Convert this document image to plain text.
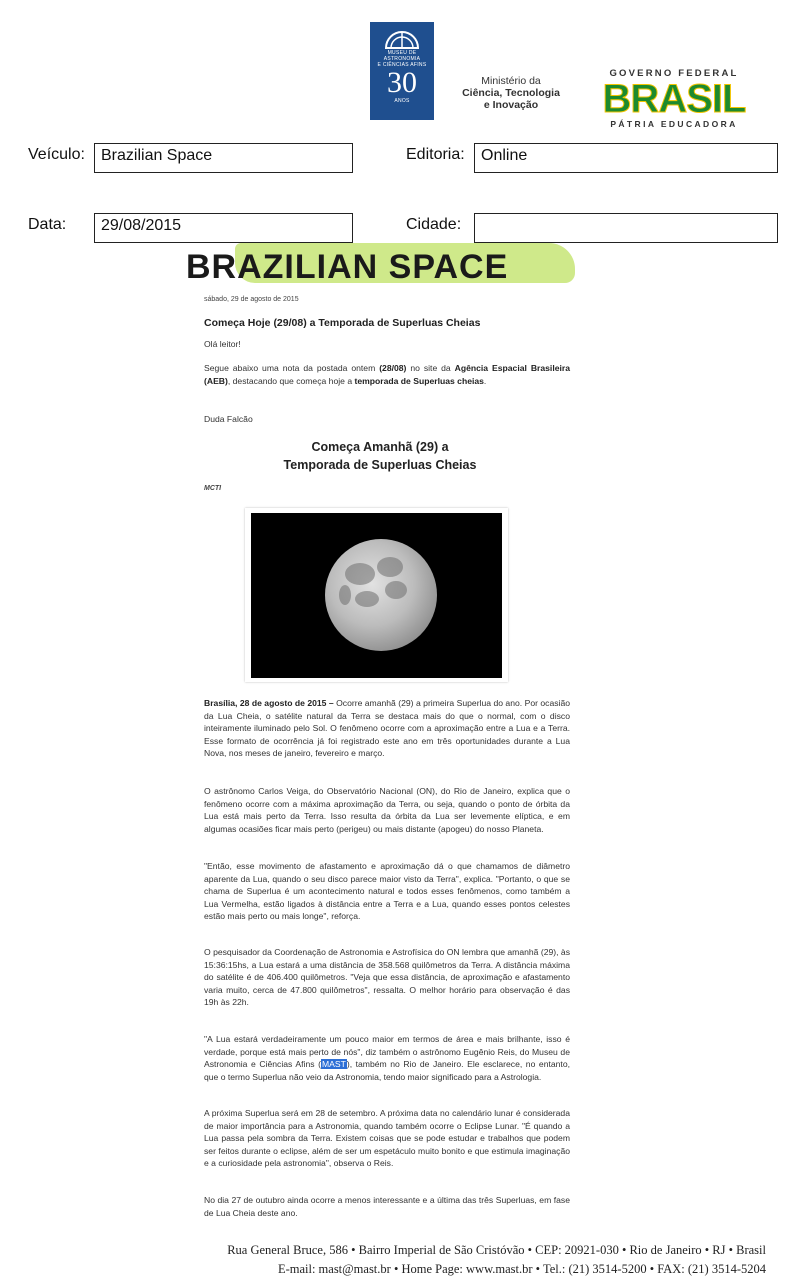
MUSEU DE
ASTRONOMIA
E CIÊNCIAS AFINS
30
ANOS
Ministério da
Ciência, Tecnologia
e Inovação
GOVERNO FEDERAL
BRASIL
PÁTRIA EDUCADORA
Veículo:	Brazilian Space	Editoria:	Online
Data:	29/08/2015	Cidade:
BRAZILIAN SPACE
sábado, 29 de agosto de 2015
Começa Hoje (29/08) a Temporada de Superluas Cheias
Olá leitor!
Segue abaixo uma nota da postada ontem (28/08) no site da Agência Espacial Brasileira (AEB), destacando que começa hoje a temporada de Superluas cheias.
Duda Falcão
Começa Amanhã (29) a
Temporada de Superluas Cheias
MCTI
Brasília, 28 de agosto de 2015 – Ocorre amanhã (29) a primeira Superlua do ano. Por ocasião da Lua Cheia, o satélite natural da Terra se destaca mais do que o normal, com o disco inteiramente iluminado pelo Sol. O fenômeno ocorre com a aproximação entre a Lua e a Terra. Esse formato de ocorrência já foi registrado este ano em três oportunidades durante a Lua Nova, nos meses de janeiro, fevereiro e março.
O astrônomo Carlos Veiga, do Observatório Nacional (ON), do Rio de Janeiro, explica que o fenômeno ocorre com a máxima aproximação da Terra, ou seja, quando o ponto de órbita da Lua está mais perto da Terra. Isso resulta da órbita da Lua ser levemente elíptica, e em algumas ocasiões ficar mais perto (perigeu) ou mais distante (apogeu) do nosso Planeta.
"Então, esse movimento de afastamento e aproximação dá o que chamamos de diâmetro aparente da Lua, quando o seu disco parece maior visto da Terra", explica. "Portanto, o que se chama de Superlua é um acontecimento natural e todos esses fenômenos, como também a Lua Vermelha, estão ligados à distância entre a Terra e a Lua, quando esses pontos celestes estão mais perto ou mais longe", reforça.
O pesquisador da Coordenação de Astronomia e Astrofísica do ON lembra que amanhã (29), às 15:36:15hs, a Lua estará a uma distância de 358.568 quilômetros da Terra. A distância máxima do satélite é de 406.400 quilômetros. "Veja que essa distância, de aproximação e afastamento varia muito, cerca de 47.800 quilômetros", ressalta. O melhor horário para observação é das 19h às 22h.
"A Lua estará verdadeiramente um pouco maior em termos de área e mais brilhante, isso é verdade, porque está mais perto de nós", diz também o astrônomo Eugênio Reis, do Museu de Astronomia e Ciências Afins (MAST), também no Rio de Janeiro. Ele esclarece, no entanto, que o termo Superlua não veio da Astronomia, tendo maior significado para a Astrologia.
A próxima Superlua será em 28 de setembro. A próxima data no calendário lunar é considerada de maior importância para a Astronomia, quando também ocorre o Eclipse Lunar. "É quando a Lua passa pela sombra da Terra. Existem coisas que se pode estudar e trabalhos que podem ser feitos durante o eclipse, além de ser um espetáculo muito bonito e que estimula imaginação e a curiosidade pela astronomia", observa o Reis.
No dia 27 de outubro ainda ocorre a menos interessante e a última das três Superluas, em fase de Lua Cheia deste ano.
Rua General Bruce, 586 • Bairro Imperial de São Cristóvão • CEP: 20921-030 • Rio de Janeiro • RJ • Brasil
E-mail: mast@mast.br • Home Page: www.mast.br • Tel.: (21) 3514-5200 • FAX: (21) 3514-5204
